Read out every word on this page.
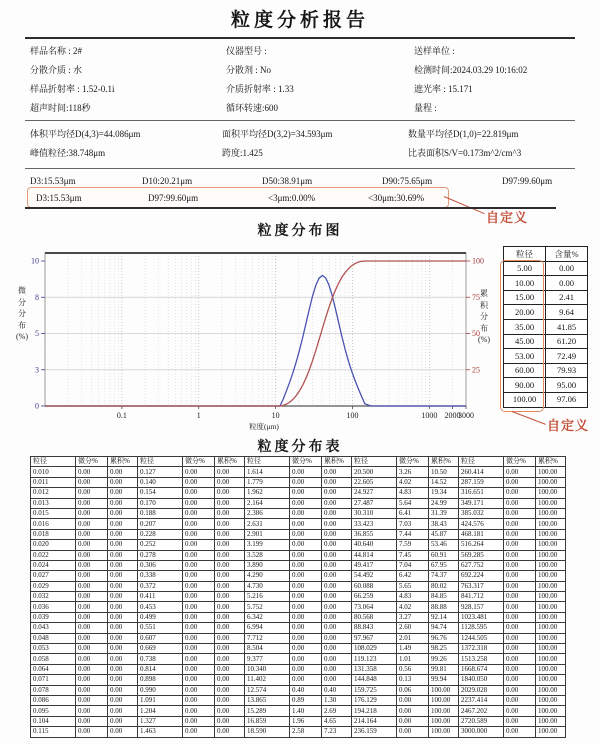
粒度分析报告
样品名称 : 2#	仪器型号 :	送样单位 :
分散介质 : 水	分散剂 : No	检测时间:2024.03.29 10:16:02
样品折射率 : 1.52-0.1i	介质折射率 : 1.33	遮光率 : 15.171
超声时间:118秒	循环转速:600	量程 :
体积平均径D(4,3)=44.086μm	面积平均径D(3,2)=34.593μm	数量平均径D(1,0)=22.819μm
峰值粒径:38.748μm	跨度:1.425	比表面积S/V=0.173m^2/cm^3
D3:15.53μm	D10:20.21μm	D50:38.91μm	D90:75.65μm	D97:99.60μm
D3:15.53μm	D97:99.60μm	<3μm:0.00%	<30μm:30.69%
自定义
粒度分布图
10
8
5
3
0
100
75
50
25
0.1	1	10	100	1000 2000
3000
粒度(μm)
微
分
分
布
(%)
累
积
分
布
(%)
粒径	含量%
5.00	0.00
10.00	0.00
15.00	2.41
20.00	9.64
35.00	41.85
45.00	61.20
53.00	72.49
60.00	79.93
90.00	95.00
100.00	97.06
自定义
粒度分布表
粒径	微分%	累积%	粒径	微分%	累积%	粒径	微分%	累积%	粒径	微分%	累积%	粒径	微分%	累积%
0.010	0.00	0.00	0.127	0.00	0.00	1.614	0.00	0.00	20.500	3.26	10.50	260.414	0.00	100.00
0.011	0.00	0.00	0.140	0.00	0.00	1.779	0.00	0.00	22.605	4.02	14.52	287.159	0.00	100.00
0.012	0.00	0.00	0.154	0.00	0.00	1.962	0.00	0.00	24.927	4.83	19.34	316.651	0.00	100.00
0.013	0.00	0.00	0.170	0.00	0.00	2.164	0.00	0.00	27.487	5.64	24.99	349.171	0.00	100.00
0.015	0.00	0.00	0.188	0.00	0.00	2.386	0.00	0.00	30.310	6.41	31.39	385.032	0.00	100.00
0.016	0.00	0.00	0.207	0.00	0.00	2.631	0.00	0.00	33.423	7.03	38.43	424.576	0.00	100.00
0.018	0.00	0.00	0.228	0.00	0.00	2.901	0.00	0.00	36.855	7.44	45.87	468.181	0.00	100.00
0.020	0.00	0.00	0.252	0.00	0.00	3.199	0.00	0.00	40.640	7.59	53.46	516.264	0.00	100.00
0.022	0.00	0.00	0.278	0.00	0.00	3.528	0.00	0.00	44.814	7.45	60.91	569.285	0.00	100.00
0.024	0.00	0.00	0.306	0.00	0.00	3.890	0.00	0.00	49.417	7.04	67.95	627.752	0.00	100.00
0.027	0.00	0.00	0.338	0.00	0.00	4.290	0.00	0.00	54.492	6.42	74.37	692.224	0.00	100.00
0.029	0.00	0.00	0.372	0.00	0.00	4.730	0.00	0.00	60.088	5.65	80.02	763.317	0.00	100.00
0.032	0.00	0.00	0.411	0.00	0.00	5.216	0.00	0.00	66.259	4.83	84.85	841.712	0.00	100.00
0.036	0.00	0.00	0.453	0.00	0.00	5.752	0.00	0.00	73.064	4.02	88.88	928.157	0.00	100.00
0.039	0.00	0.00	0.499	0.00	0.00	6.342	0.00	0.00	80.568	3.27	92.14	1023.481	0.00	100.00
0.043	0.00	0.00	0.551	0.00	0.00	6.994	0.00	0.00	88.843	2.60	94.74	1128.595	0.00	100.00
0.048	0.00	0.00	0.607	0.00	0.00	7.712	0.00	0.00	97.967	2.01	96.76	1244.505	0.00	100.00
0.053	0.00	0.00	0.669	0.00	0.00	8.504	0.00	0.00	108.029	1.49	98.25	1372.318	0.00	100.00
0.058	0.00	0.00	0.738	0.00	0.00	9.377	0.00	0.00	119.123	1.01	99.26	1513.258	0.00	100.00
0.064	0.00	0.00	0.814	0.00	0.00	10.340	0.00	0.00	131.358	0.56	99.81	1668.674	0.00	100.00
0.071	0.00	0.00	0.898	0.00	0.00	11.402	0.00	0.00	144.848	0.13	99.94	1840.050	0.00	100.00
0.078	0.00	0.00	0.990	0.00	0.00	12.574	0.40	0.40	159.725	0.06	100.00	2029.028	0.00	100.00
0.086	0.00	0.00	1.091	0.00	0.00	13.865	0.89	1.30	176.129	0.00	100.00	2237.414	0.00	100.00
0.095	0.00	0.00	1.204	0.00	0.00	15.289	1.40	2.69	194.218	0.00	100.00	2467.202	0.00	100.00
0.104	0.00	0.00	1.327	0.00	0.00	16.859	1.96	4.65	214.164	0.00	100.00	2720.589	0.00	100.00
0.115	0.00	0.00	1.463	0.00	0.00	18.590	2.58	7.23	236.159	0.00	100.00	3000.000	0.00	100.00
